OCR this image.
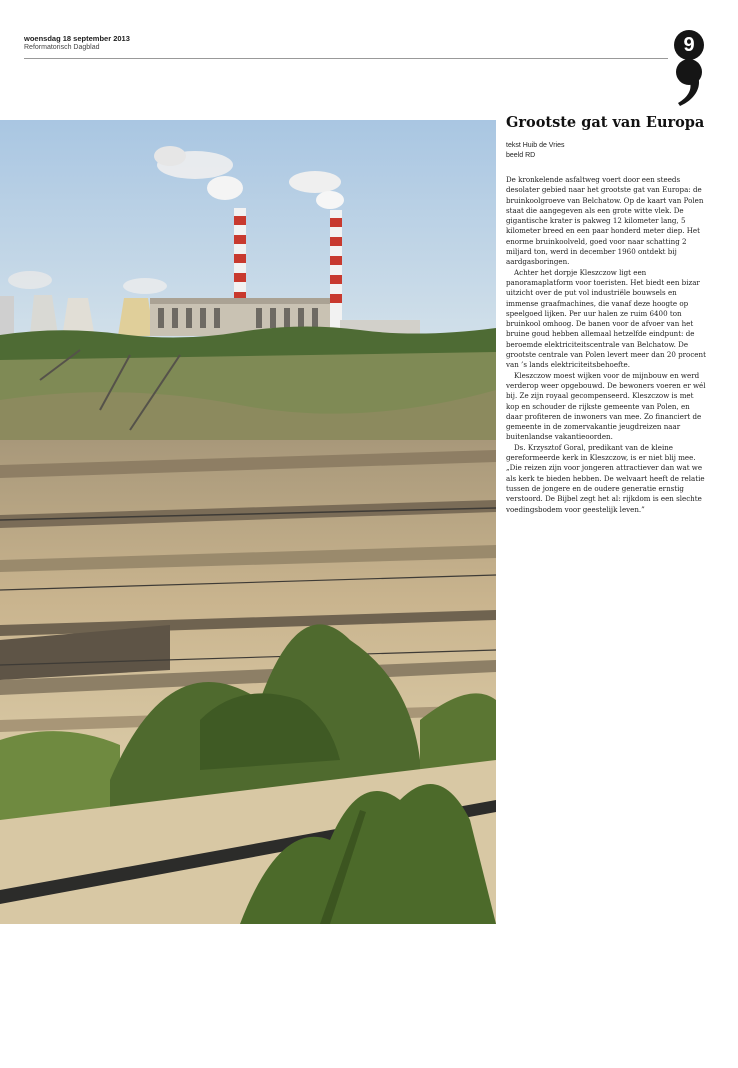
woensdag 18 september 2013
Reformatorisch Dagblad	9
Grootste gat van Europa
tekst Huib de Vries
beeld RD
De kronkelende asfaltweg voert door een steeds desolater gebied naar het grootste gat van Europa: de bruinkoolgroeve van Belchatow. Op de kaart van Polen staat die aangegeven als een grote witte vlek. De gigantische krater is pakweg 12 kilometer lang, 5 kilometer breed en een paar honderd meter diep. Het enorme bruinkoolveld, goed voor naar schatting 2 miljard ton, werd in december 1960 ontdekt bij aardgasboringen.
Achter het dorpje Kleszczow ligt een panoramaplatform voor toeristen. Het biedt een bizar uitzicht over de put vol industriële bouwsels en immense graafmachines, die vanaf deze hoogte op speelgoed lijken. Per uur halen ze ruim 6400 ton bruinkool omhoog. De banen voor de afvoer van het bruine goud hebben allemaal hetzelfde eindpunt: de beroemde elektriciteitscentrale van Belchatow. De grootste centrale van Polen levert meer dan 20 procent van ’s lands elektriciteitsbehoefte.
Kleszczow moest wijken voor de mijnbouw en werd verderop weer opgebouwd. De bewoners voeren er wél bij. Ze zijn royaal gecompenseerd. Kleszczow is met kop en schouder de rijkste gemeente van Polen, en daar profiteren de inwoners van mee. Zo financiert de gemeente in de zomervakantie jeugdreizen naar buitenlandse vakantieoorden.
Ds. Krzysztof Goral, predikant van de kleine gereformeerde kerk in Kleszczow, is er niet blij mee. „Die reizen zijn voor jongeren attractiever dan wat we als kerk te bieden hebben. De welvaart heeft de relatie tussen de jongere en de oudere generatie ernstig verstoord. De Bijbel zegt het al: rijkdom is een slechte voedingsbodem voor geestelijk leven.”
